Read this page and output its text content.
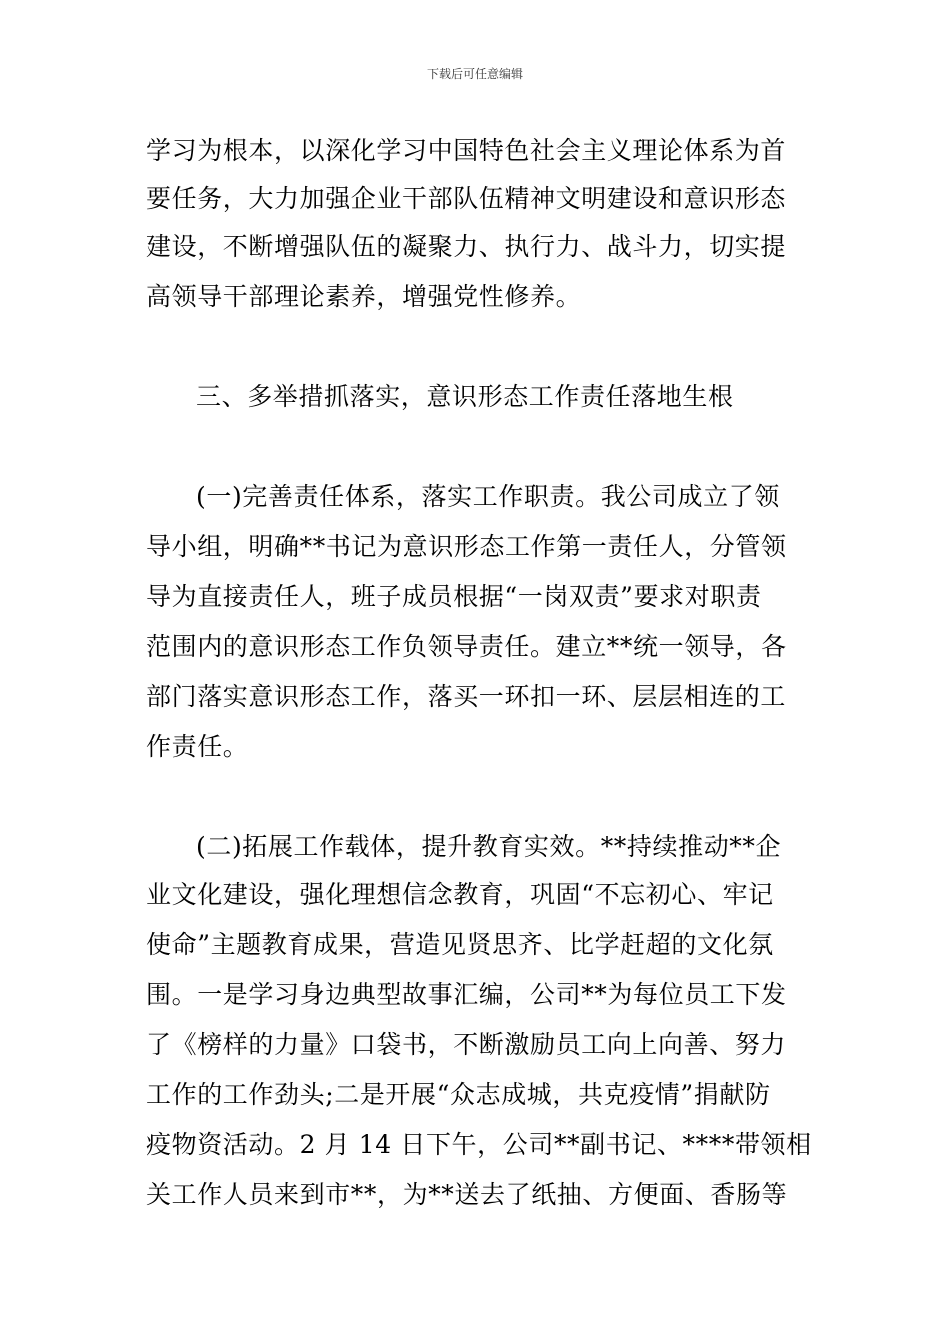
下载后可任意编辑
学习为根本，以深化学习中国特色社会主义理论体系为首
要任务，大力加强企业干部队伍精神文明建设和意识形态
建设，不断增强队伍的凝聚力、执行力、战斗力，切实提
高领导干部理论素养，增强党性修养。
三、多举措抓落实，意识形态工作责任落地生根
(一)完善责任体系，落实工作职责。我公司成立了领
导小组，明确**书记为意识形态工作第一责任人，分管领
导为直接责任人，班子成员根据“一岗双责”要求对职责
范围内的意识形态工作负领导责任。建立**统一领导，各
部门落实意识形态工作，落买一环扣一环、层层相连的工
作责任。
(二)拓展工作载体，提升教育实效。**持续推动**企
业文化建设，强化理想信念教育，巩固“不忘初心、牢记
使命”主题教育成果，营造见贤思齐、比学赶超的文化氛
围。一是学习身边典型故事汇编，公司**为每位员工下发
了《榜样的力量》口袋书，不断激励员工向上向善、努力
工作的工作劲头;二是开展“众志成城，共克疫情”捐献防
疫物资活动。2 月 14 日下午，公司**副书记、****带领相
关工作人员来到市**，为**送去了纸抽、方便面、香肠等
